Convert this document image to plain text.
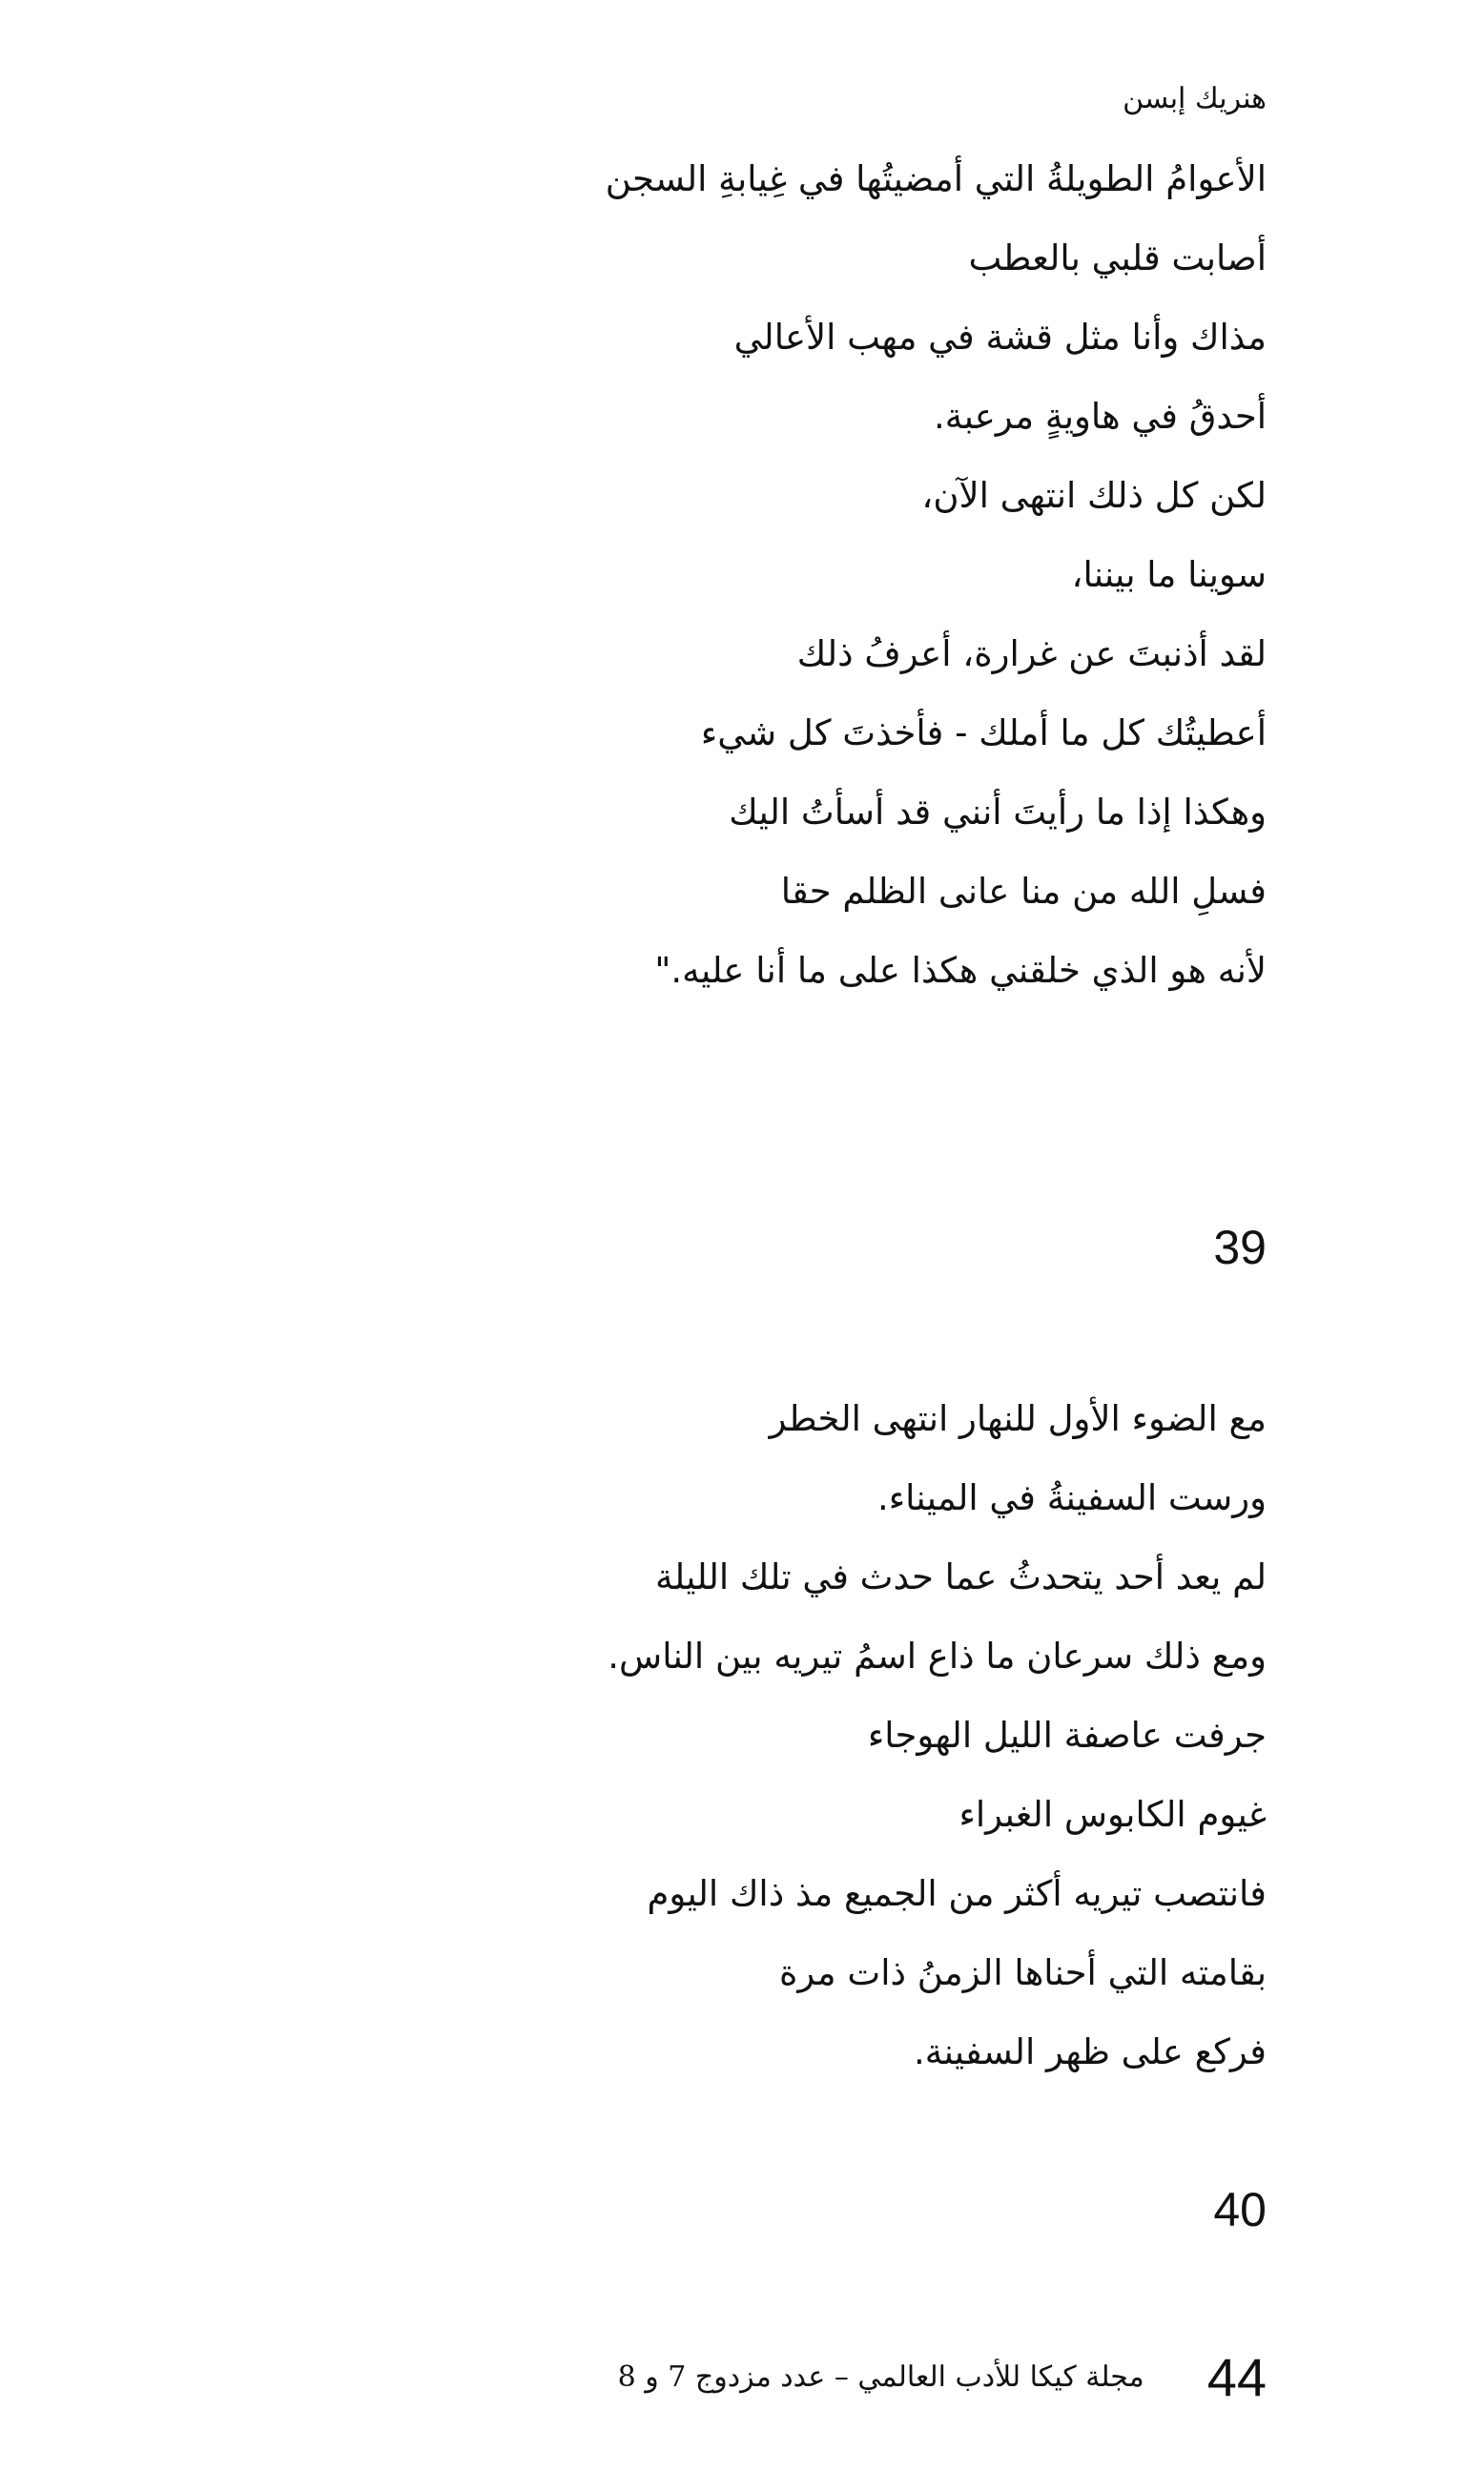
هنريك إبسن
الأعوامُ الطويلةُ التي أمضيتُها في غِيابةِ السجن
أصابت قلبي بالعطب
مذاك وأنا مثل قشة في مهب الأعالي
أحدقُ في هاويةٍ مرعبة.
لكن كل ذلك انتهى الآن،
سوينا ما بيننا،
لقد أذنبتَ عن غرارة، أعرفُ ذلك
أعطيتُك كل ما أملك - فأخذتَ كل شيء
وهكذا إذا ما رأيتَ أنني قد أسأتُ اليك
فسلِ الله من منا عانى الظلم حقا
لأنه هو الذي خلقني هكذا على ما أنا عليه."
39
مع الضوء الأول للنهار انتهى الخطر
ورست السفينةُ في الميناء.
لم يعد أحد يتحدثُ عما حدث في تلك الليلة
ومع ذلك سرعان ما ذاع اسمُ تيريه بين الناس.
جرفت عاصفة الليل الهوجاء
غيوم الكابوس الغبراء
فانتصب تيريه أكثر من الجميع مذ ذاك اليوم
بقامته التي أحناها الزمنُ ذات مرة
فركع على ظهر السفينة.
40
44
مجلة كيكا للأدب العالمي – عدد مزدوج 7 و 8
